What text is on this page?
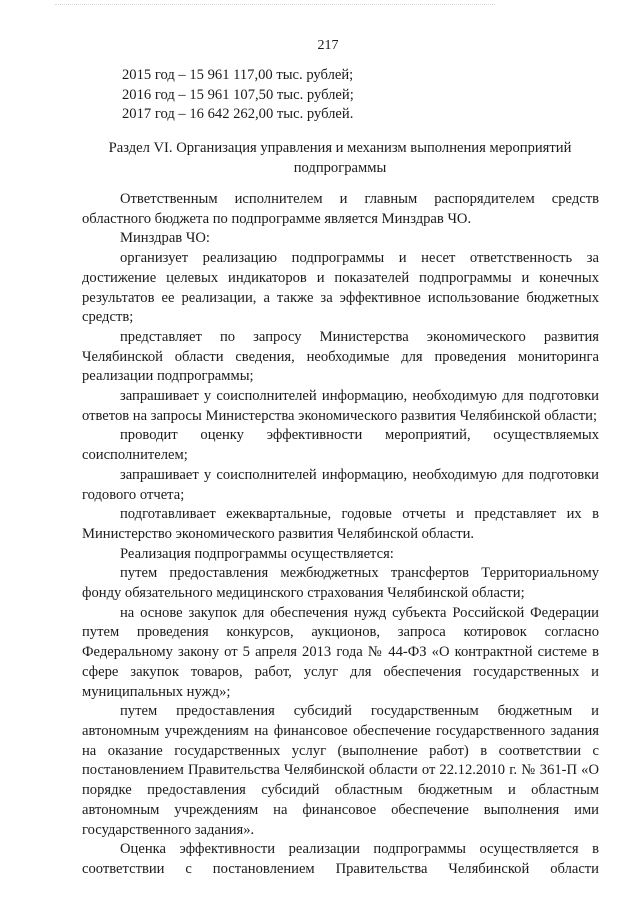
217
2015 год – 15 961 117,00 тыс. рублей;
2016 год – 15 961 107,50 тыс. рублей;
2017 год – 16 642 262,00 тыс. рублей.
Раздел VI. Организация управления и механизм выполнения мероприятий подпрограммы

Ответственным исполнителем и главным распорядителем средств областного бюджета по подпрограмме является Минздрав ЧО.

Минздрав ЧО:

организует реализацию подпрограммы и несет ответственность за достижение целевых индикаторов и показателей подпрограммы и конечных результатов ее реализации, а также за эффективное использование бюджетных средств;

представляет по запросу Министерства экономического развития Челябинской области сведения, необходимые для проведения мониторинга реализации подпрограммы;

запрашивает у соисполнителей информацию, необходимую для подготовки ответов на запросы Министерства экономического развития Челябинской области;

проводит оценку эффективности мероприятий, осуществляемых соисполнителем;

запрашивает у соисполнителей информацию, необходимую для подготовки годового отчета;

подготавливает ежеквартальные, годовые отчеты и представляет их в Министерство экономического развития Челябинской области.

Реализация подпрограммы осуществляется:

путем предоставления межбюджетных трансфертов Территориальному фонду обязательного медицинского страхования Челябинской области;

на основе закупок для обеспечения нужд субъекта Российской Федерации путем проведения конкурсов, аукционов, запроса котировок согласно Федеральному закону от 5 апреля 2013 года № 44-ФЗ «О контрактной системе в сфере закупок товаров, работ, услуг для обеспечения государственных и муниципальных нужд»;

путем предоставления субсидий государственным бюджетным и автономным учреждениям на финансовое обеспечение государственного задания на оказание государственных услуг (выполнение работ) в соответствии с постановлением Правительства Челябинской области от 22.12.2010 г. № 361-П «О порядке предоставления субсидий областным бюджетным и областным автономным учреждениям на финансовое обеспечение выполнения ими государственного задания».

Оценка эффективности реализации подпрограммы осуществляется в соответствии с постановлением Правительства Челябинской области
